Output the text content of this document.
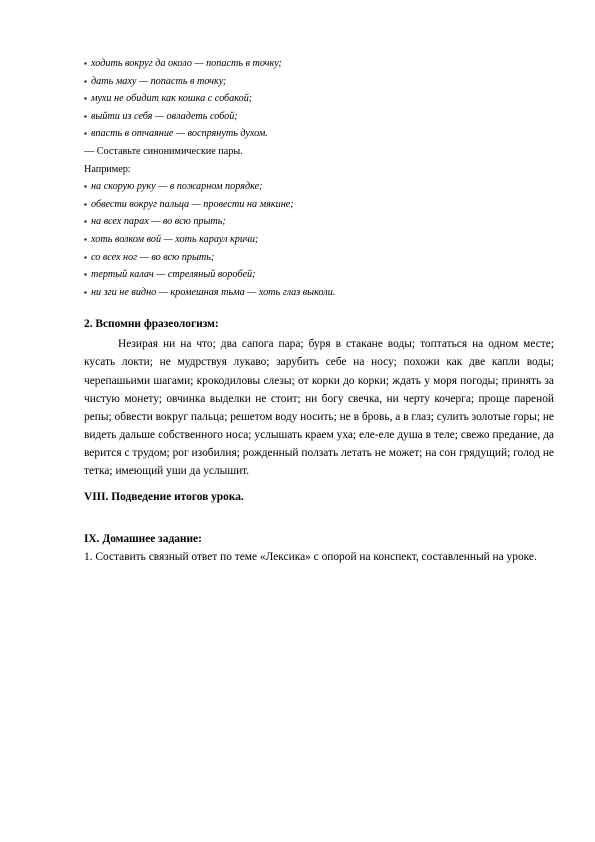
▪ ходить вокруг да около — попасть в точку;
▪ дать маху — попасть в точку;
▪ мухи не обидит как кошка с собакой;
▪ выйти из себя — овладеть собой;
▪ впасть в отчаяние — воспрянуть духом.
— Составьте синонимические пары.
Например:
▪ на скорую руку — в пожарном порядке;
▪ обвести вокруг пальца — провести на мякине;
▪ на всех парах — во всю прыть;
▪ хоть волком вой — хоть караул кричи;
▪ со всех ног — во всю прыть;
▪ тертый калач — стреляный воробей;
▪ ни зги не видно — кромешная тьма — хоть глаз выколи.
2. Вспомни фразеологизм:

Незирая ни на что; два сапога пара; буря в стакане воды; топтаться на одном месте; кусать локти; не мудрствуя лукаво; зарубить себе на носу; похожи как две капли воды; черепашьими шагами; крокодиловы слезы; от корки до корки; ждать у моря погоды; принять за чистую монету; овчинка выделки не стоит; ни богу свечка, ни черту кочерга; проще пареной репы; обвести вокруг пальца; решетом воду носить; не в бровь, а в глаз; сулить золотые горы; не видеть дальше собственного носа; услышать краем уха; еле-еле душа в теле; свежо предание, да верится с трудом; рог изобилия; рожденный ползать летать не может; на сон грядущий; голод не тетка; имеющий уши да услышит.

VIII. Подведение итогов урока.
IX. Домашнее задание:

1. Составить связный ответ по теме «Лексика» с опорой на конспект, составленный на уроке.
